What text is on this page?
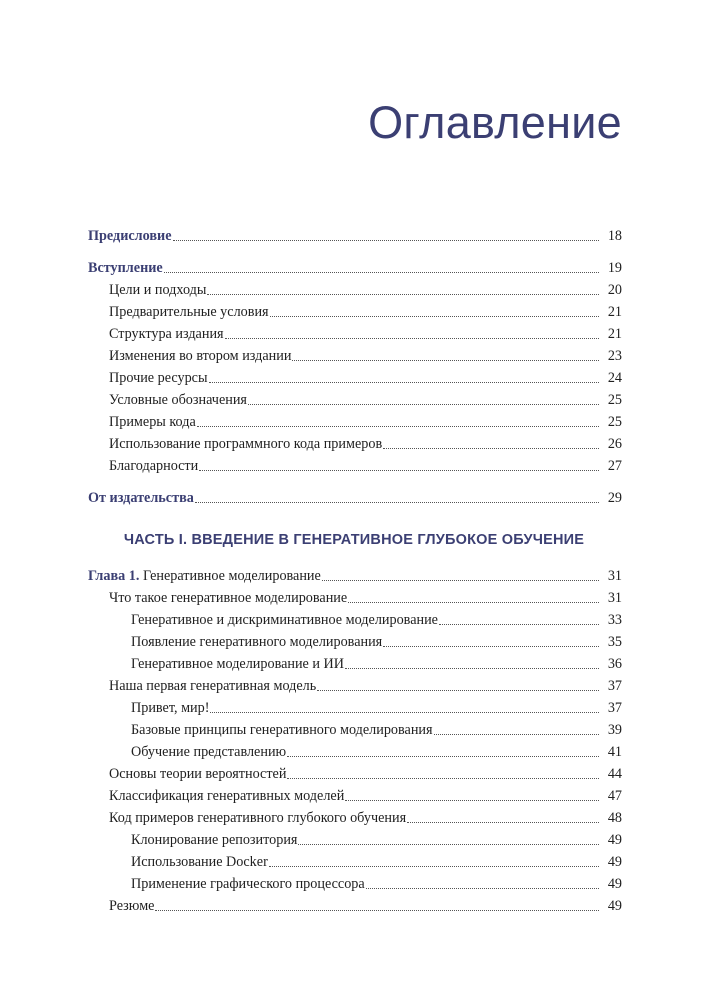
Оглавление
Предисловие	18
Вступление	19
Цели и подходы	20
Предварительные условия	21
Структура издания	21
Изменения во втором издании	23
Прочие ресурсы	24
Условные обозначения	25
Примеры кода	25
Использование программного кода примеров	26
Благодарности	27
От издательства	29
ЧАСТЬ I. ВВЕДЕНИЕ В ГЕНЕРАТИВНОЕ ГЛУБОКОЕ ОБУЧЕНИЕ
Глава 1. Генеративное моделирование	31
Что такое генеративное моделирование	31
Генеративное и дискриминативное моделирование	33
Появление генеративного моделирования	35
Генеративное моделирование и ИИ	36
Наша первая генеративная модель	37
Привет, мир!	37
Базовые принципы генеративного моделирования	39
Обучение представлению	41
Основы теории вероятностей	44
Классификация генеративных моделей	47
Код примеров генеративного глубокого обучения	48
Клонирование репозитория	49
Использование Docker	49
Применение графического процессора	49
Резюме	49
